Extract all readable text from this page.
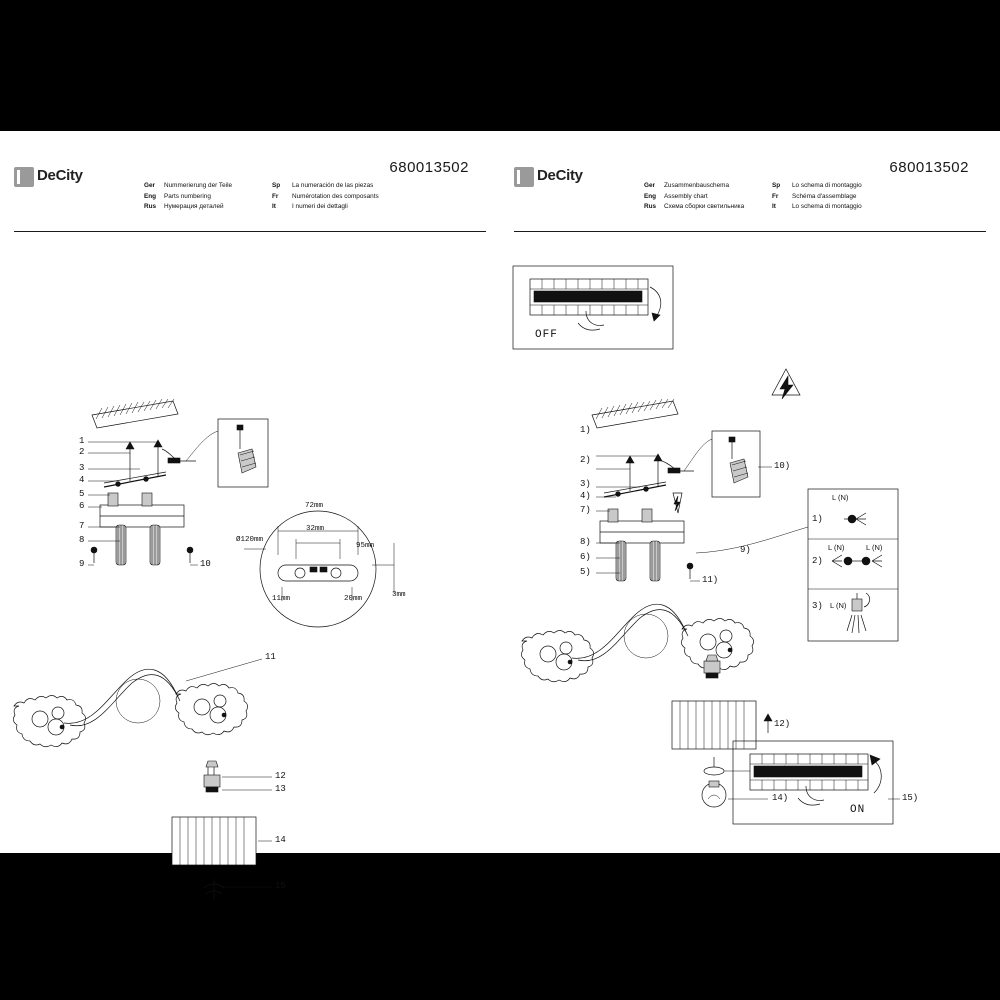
DeCity	680013502
Ger Nummerierung der Teile
Eng Parts numbering
Rus Нумерация деталей
Sp La numeración de las piezas
Fr Numérotation des composants
It	I numeri dei dettagli
1
2
3
4
5
6
7
8
9	10
72mm
32mm
Ø120mm
95mm
11mm	20mm	3mm
11
12
13
14
15
DeCity	680013502
Ger Zusammenbauschema
Eng Assembly chart
Rus Схема сборки светильника
Sp Lo schema di montaggio
Fr Schéma d'assemblage
It	Lo schema di montaggio
1)
2)
3)
4)
5)
6)
7)
8)
9)
10)
11)
12)
13)
14)	15)
OFF
ON
1)
L (N)
2)
L (N)	L (N)
3) L (N)
